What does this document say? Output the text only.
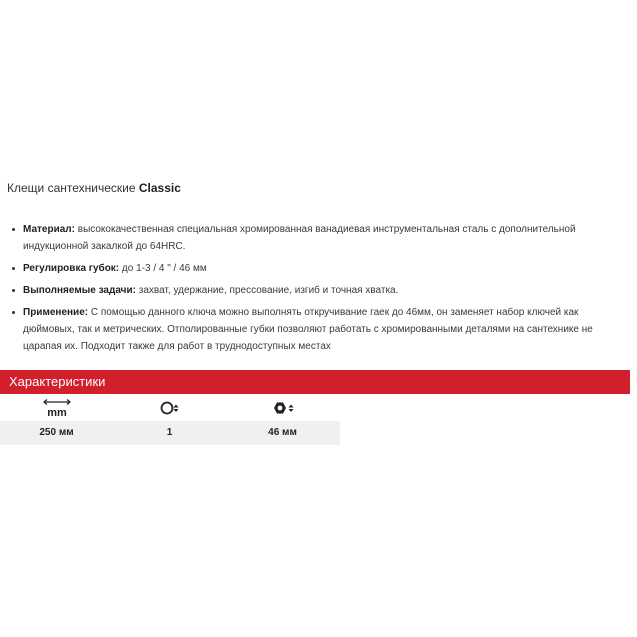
Клещи сантехнические Classic
Материал: высококачественная специальная хромированная ванадиевая инструментальная сталь с дополнительной индукционной закалкой до 64HRC.
Регулировка губок: до 1-3 / 4 " / 46 мм
Выполняемые задачи: захват, удержание, прессование, изгиб и точная хватка.
Применение: С помощью данного ключа можно выполнять откручивание гаек до 46мм, он заменяет набор ключей как дюймовых, так и метрических. Отполированные губки позволяют работать с хромированными деталями на сантехнике не царапая их. Подходит также для работ в труднодоступных местах
Характеристики
mm
250 мм	1	46 мм
